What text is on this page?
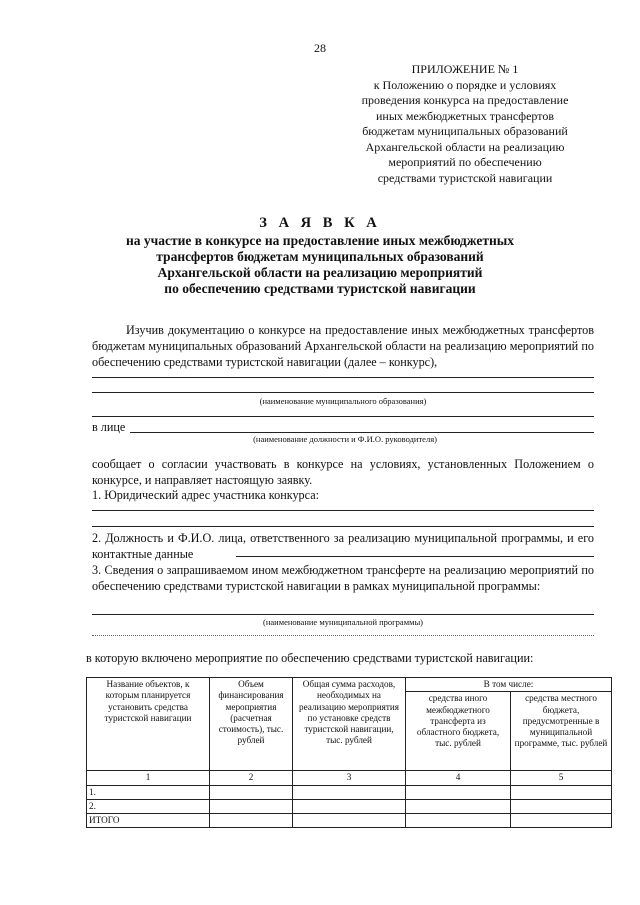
28
ПРИЛОЖЕНИЕ № 1
к Положению о порядке и условиях
проведения конкурса на предоставление
иных межбюджетных трансфертов
бюджетам муниципальных образований
Архангельской области на реализацию
мероприятий по обеспечению
средствами туристской навигации
З А Я В К А
на участие в конкурсе на предоставление иных межбюджетных
трансфертов бюджетам муниципальных образований
Архангельской области на реализацию мероприятий
по обеспечению средствами туристской навигации
Изучив документацию о конкурсе на предоставление иных межбюджетных трансфертов бюджетам муниципальных образований Архангельской области на реализацию мероприятий по обеспечению средствами туристской навигации (далее – конкурс),
(наименование муниципального образования)
в лице
(наименование должности и Ф.И.О. руководителя)
сообщает о согласии участвовать в конкурсе на условиях, установленных Положением о конкурсе, и направляет настоящую заявку.
1. Юридический адрес участника конкурса:
2. Должность и Ф.И.О. лица, ответственного за реализацию муниципальной программы, и его контактные данные
3. Сведения о запрашиваемом ином межбюджетном трансферте на реализацию мероприятий по обеспечению средствами туристской навигации в рамках муниципальной программы:
(наименование муниципальной программы)
в которую включено мероприятие по обеспечению средствами туристской навигации:
Название объектов, к которым планируется установить средства туристской навигации	Объем финансирования мероприятия (расчетная стоимость), тыс. рублей	Общая сумма расходов, необходимых на реализацию мероприятия по установке средств туристской навигации, тыс. рублей	В том числе:	
			средства иного межбюджетного трансферта из областного бюджета, тыс. рублей	средства местного бюджета, предусмотренные в муниципальной программе, тыс. рублей
1	2	3	4	5
1.				
2.				
ИТОГО				
